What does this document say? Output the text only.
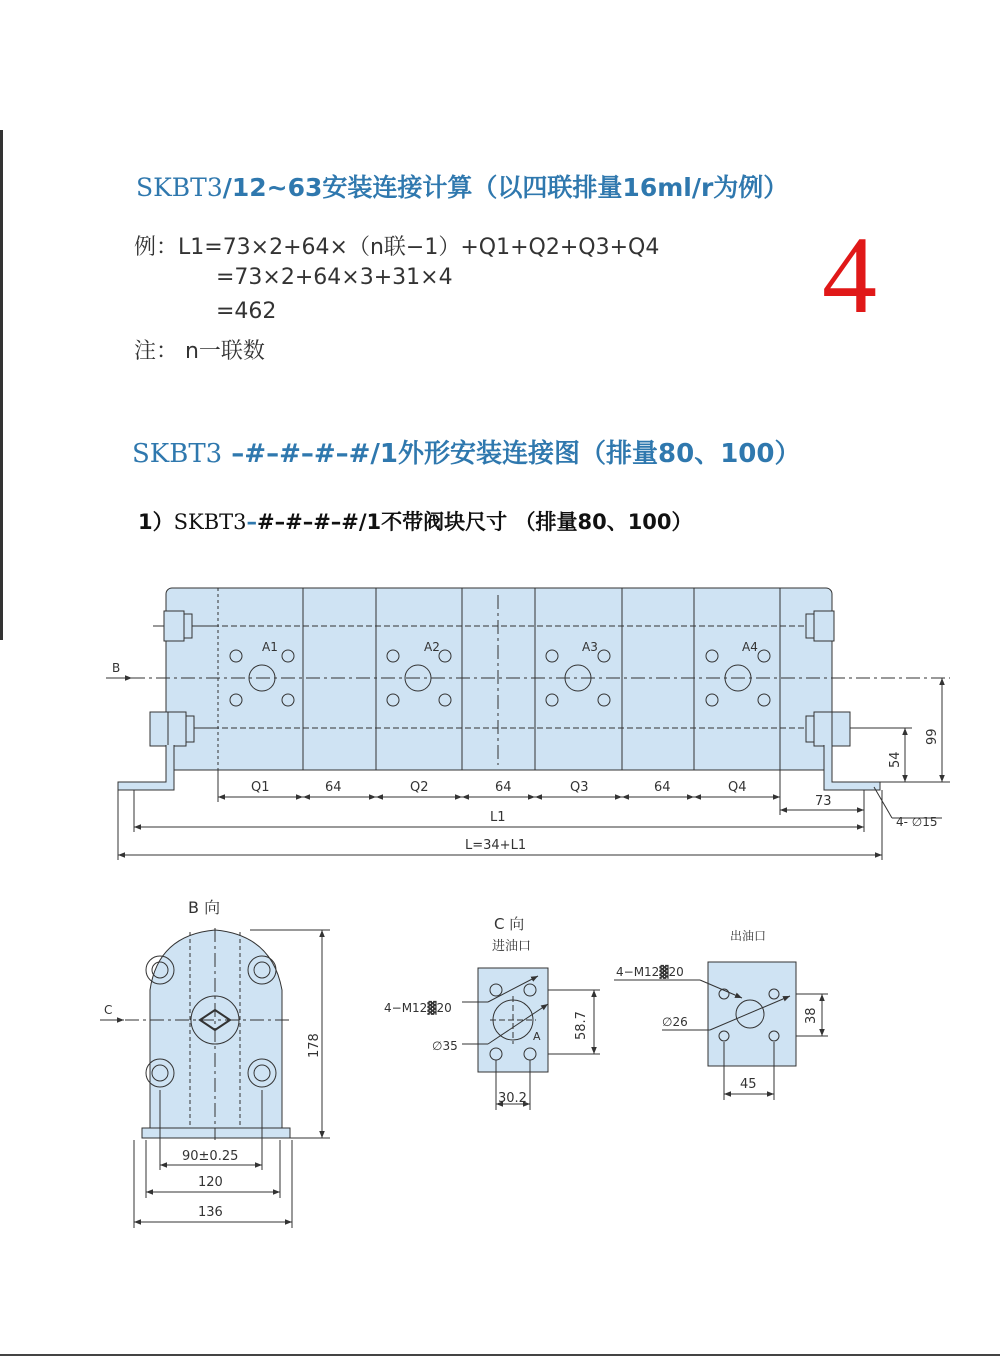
SKBT3/12~63安装连接计算（以四联排量16ml/r为例）
例：L1=73×2+64×（n联−1）+Q1+Q2+Q3+Q4
=73×2+64×3+31×4
=462
注： n一联数
4
SKBT3 –#–#–#–#/1外形安装连接图（排量80、100）
1）SKBT3–#–#–#–#/1不带阀块尺寸 （排量80、100）
B
A1	A2	A3	A4
Q1	64	Q2	64	Q3	64	Q4
73
L1
L=34+L1
54
99
4- ∅15
B 向
C
178
90±0.25
120
136
C 向
进油口
4−M12▓20
∅35
A	58.7
30.2
出油口
4−M12▓20
∅26	38
45
